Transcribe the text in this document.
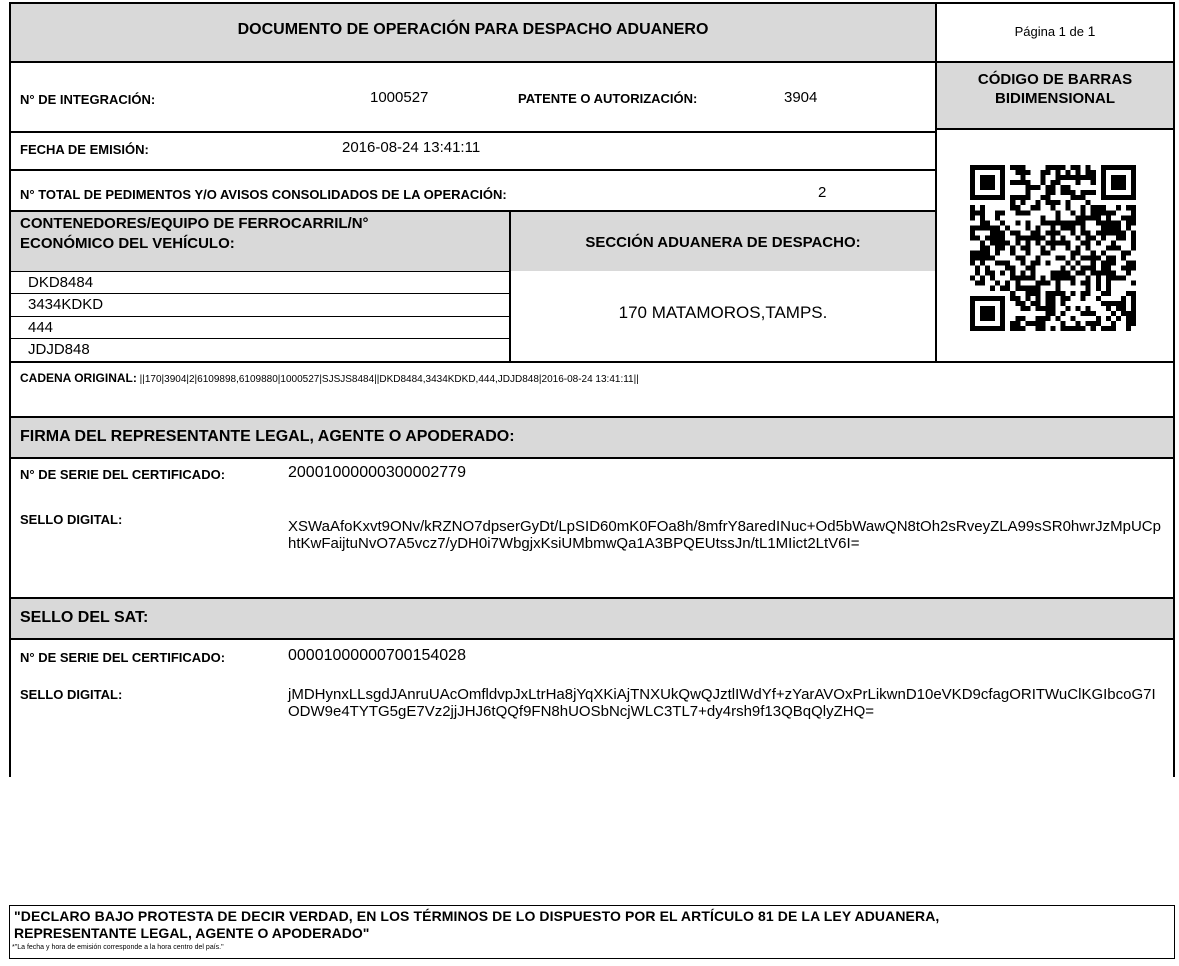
DOCUMENTO DE OPERACIÓN PARA DESPACHO ADUANERO	Página 1 de 1
CÓDIGO DE BARRAS
BIDIMENSIONAL
N° DE INTEGRACIÓN:	1000527	PATENTE O AUTORIZACIÓN:	3904
FECHA DE EMISIÓN:	2016-08-24 13:41:11
N° TOTAL DE PEDIMENTOS Y/O AVISOS CONSOLIDADOS DE LA OPERACIÓN:	2
CONTENEDORES/EQUIPO DE FERROCARRIL/N°
ECONÓMICO DEL VEHÍCULO:	SECCIÓN ADUANERA DE DESPACHO:
DKD8484
3434KDKD
444
JDJD848
170 MATAMOROS,TAMPS.
CADENA ORIGINAL: ||170|3904|2|6109898,6109880|1000527|SJSJS8484||DKD8484,3434KDKD,444,JDJD848|2016-08-24 13:41:11||
FIRMA DEL REPRESENTANTE LEGAL, AGENTE O APODERADO:
N° DE SERIE DEL CERTIFICADO:	20001000000300002779
SELLO DIGITAL:	XSWaAfoKxvt9ONv/kRZNO7dpserGyDt/LpSID60mK0FOa8h/8mfrY8aredINuc+Od5bWawQN8tOh2sRveyZLA99sSR0hwrJzMpUCphtKwFaijtuNvO7A5vcz7/yDH0i7WbgjxKsiUMbmwQa1A3BPQEUtssJn/tL1MIict2LtV6I=
SELLO DEL SAT:
N° DE SERIE DEL CERTIFICADO:	00001000000700154028
SELLO DIGITAL:	jMDHynxLLsgdJAnruUAcOmfldvpJxLtrHa8jYqXKiAjTNXUkQwQJztlIWdYf+zYarAVOxPrLikwnD10eVKD9cfagORITWuClKGIbcoG7IODW9e4TYTG5gE7Vz2jjJHJ6tQQf9FN8hUOSbNcjWLC3TL7+dy4rsh9f13QBqQlyZHQ=
"DECLARO BAJO PROTESTA DE DECIR VERDAD, EN LOS TÉRMINOS DE LO DISPUESTO POR EL ARTÍCULO 81 DE LA LEY ADUANERA,
REPRESENTANTE LEGAL, AGENTE O APODERADO"
*"La fecha y hora de emisión corresponde a la hora centro del país."
